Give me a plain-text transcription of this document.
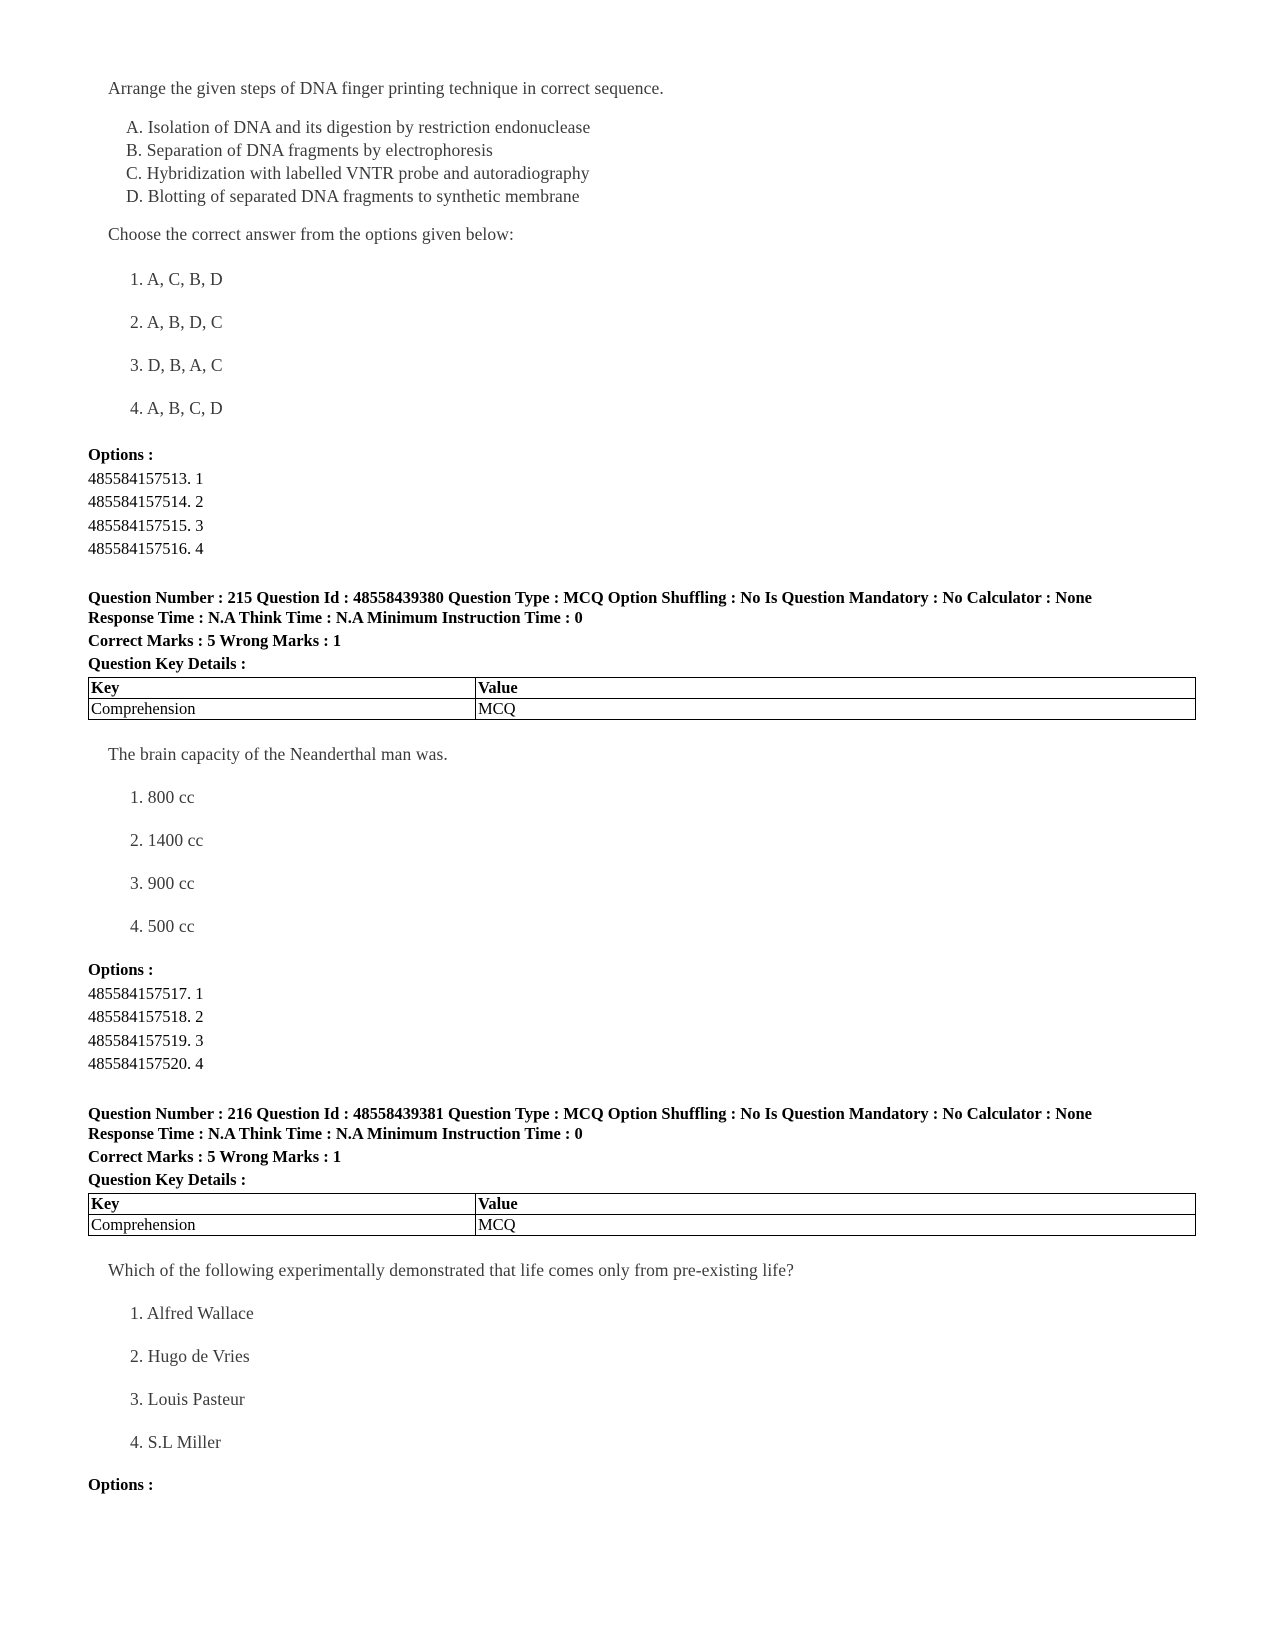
Arrange the given steps of DNA finger printing technique in correct sequence.

A. Isolation of DNA and its digestion by restriction endonuclease
B. Separation of DNA fragments by electrophoresis
C. Hybridization with labelled VNTR probe and autoradiography
D. Blotting of separated DNA fragments to synthetic membrane

Choose the correct answer from the options given below:

1. A, C, B, D
2. A, B, D, C
3. D, B, A, C
4. A, B, C, D
Options :
485584157513. 1
485584157514. 2
485584157515. 3
485584157516. 4
Question Number : 215 Question Id : 48558439380 Question Type : MCQ Option Shuffling : No Is Question Mandatory : No Calculator : None
Response Time : N.A Think Time : N.A Minimum Instruction Time : 0
Correct Marks : 5 Wrong Marks : 1
Question Key Details :
Key	Value
Comprehension	MCQ

The brain capacity of the Neanderthal man was.

1. 800 cc
2. 1400 cc
3. 900 cc
4. 500 cc
Options :
485584157517. 1
485584157518. 2
485584157519. 3
485584157520. 4
Question Number : 216 Question Id : 48558439381 Question Type : MCQ Option Shuffling : No Is Question Mandatory : No Calculator : None
Response Time : N.A Think Time : N.A Minimum Instruction Time : 0
Correct Marks : 5 Wrong Marks : 1
Question Key Details :
Key	Value
Comprehension	MCQ

Which of the following experimentally demonstrated that life comes only from pre-existing life?

1. Alfred Wallace
2. Hugo de Vries
3. Louis Pasteur
4. S.L Miller
Options :
